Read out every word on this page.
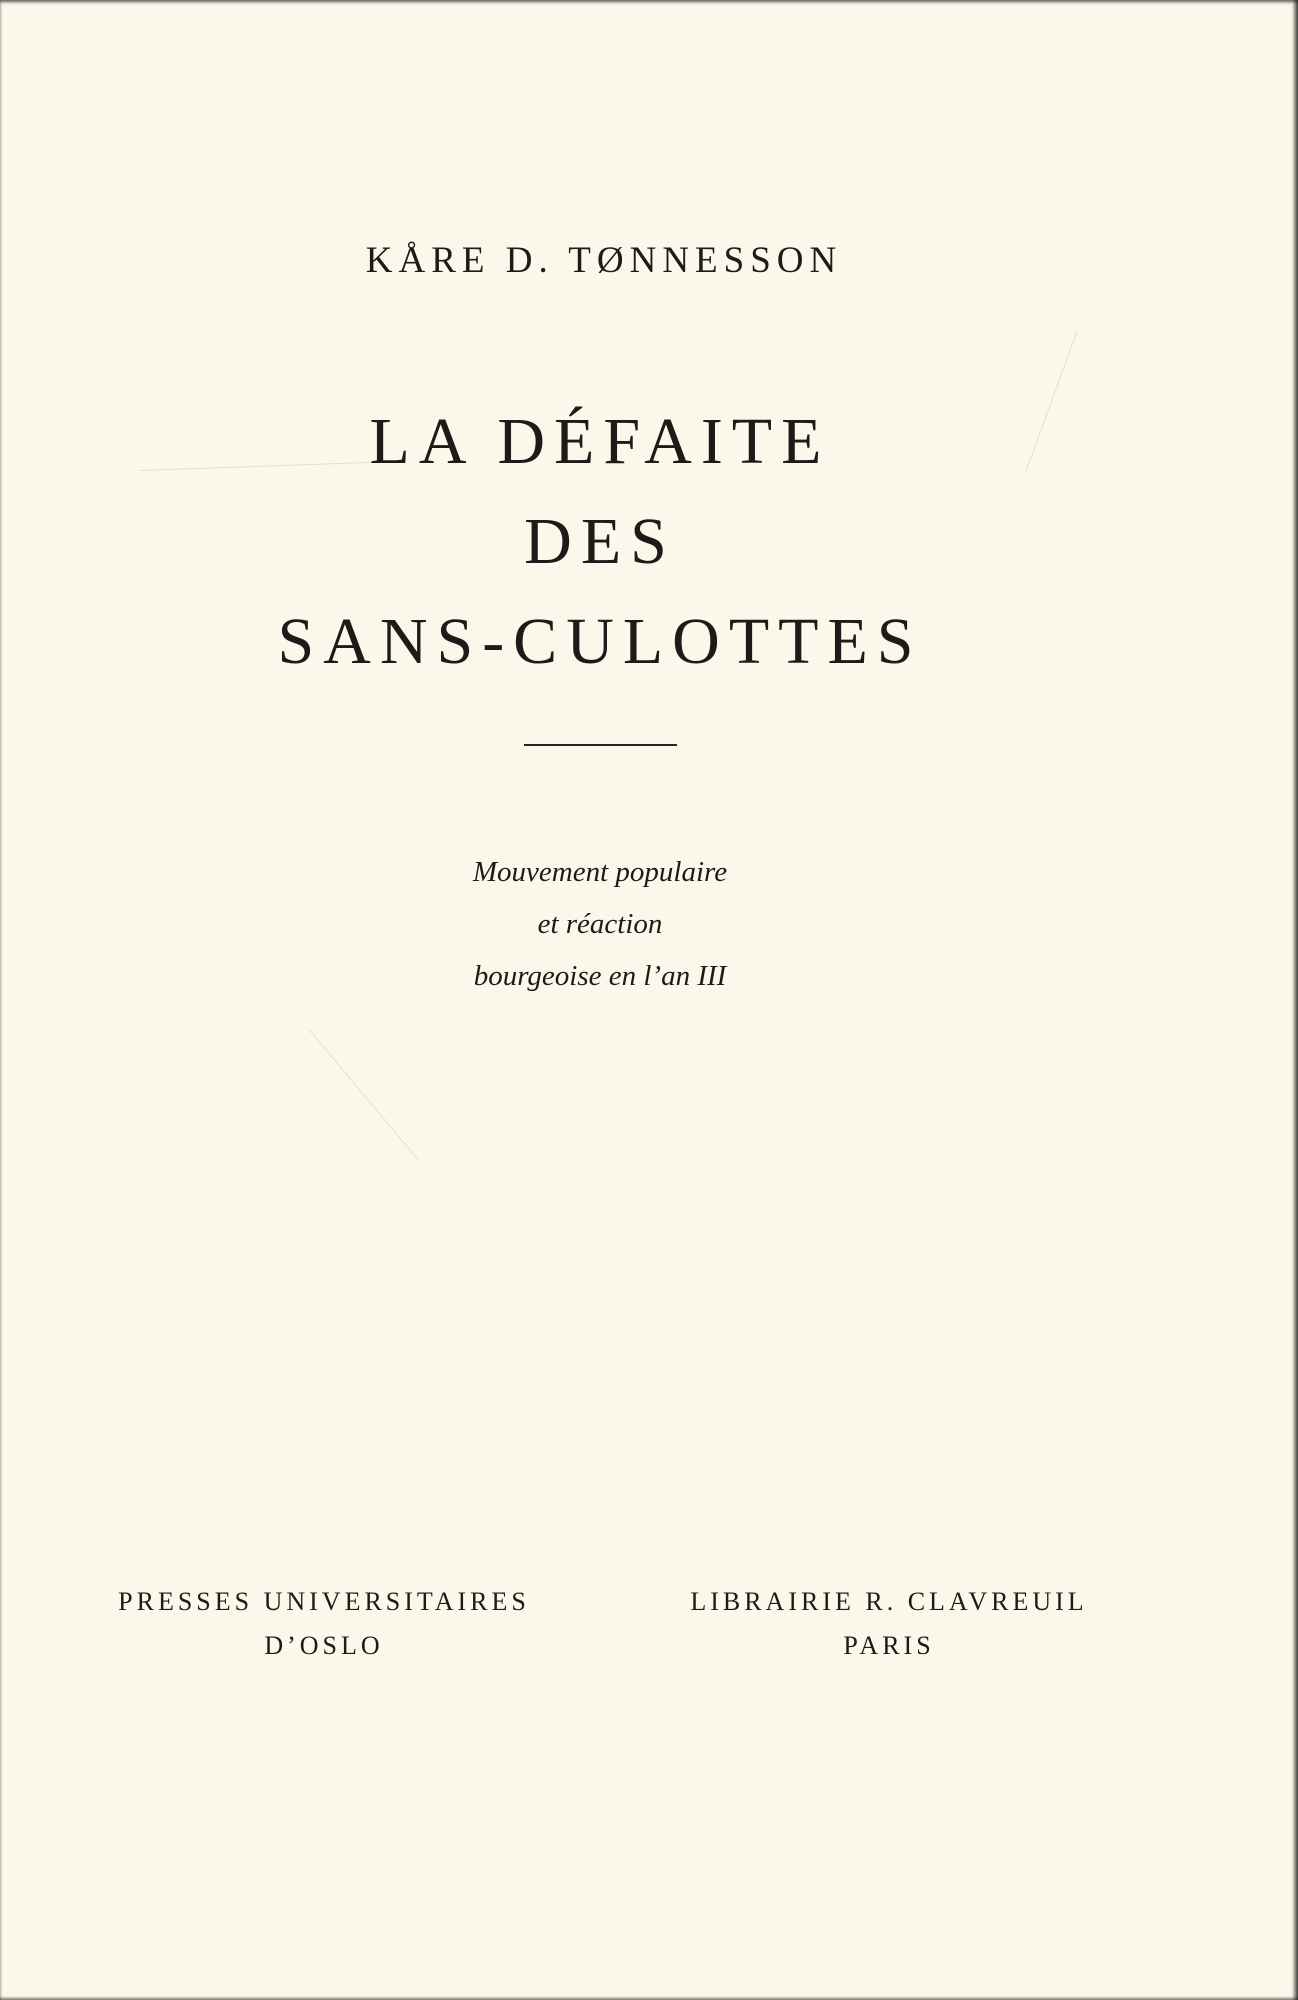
KÅRE D. TØNNESSON
LA DÉFAITE
DES
SANS-CULOTTES
Mouvement populaire
et réaction
bourgeoise en l’an III
PRESSES UNIVERSITAIRES
D’OSLO
LIBRAIRIE R. CLAVREUIL
PARIS
